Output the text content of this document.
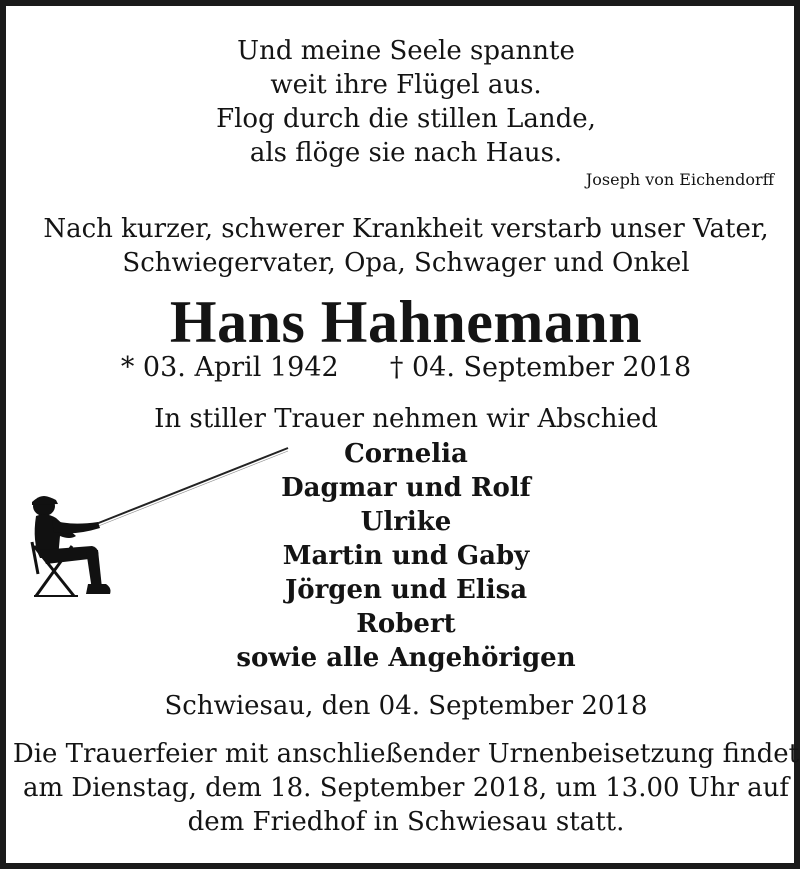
Und meine Seele spannte
weit ihre Flügel aus.
Flog durch die stillen Lande,
als flöge sie nach Haus.
Joseph von Eichendorff
Nach kurzer, schwerer Krankheit verstarb unser Vater,
Schwiegervater, Opa, Schwager und Onkel
Hans Hahnemann
* 03. April 1942 † 04. September 2018
In stiller Trauer nehmen wir Abschied
Cornelia
Dagmar und Rolf
Ulrike
Martin und Gaby
Jörgen und Elisa
Robert
sowie alle Angehörigen
Schwiesau, den 04. September 2018
Die Trauerfeier mit anschließender Urnenbeisetzung findet
am Dienstag, dem 18. September 2018, um 13.00 Uhr auf
dem Friedhof in Schwiesau statt.
